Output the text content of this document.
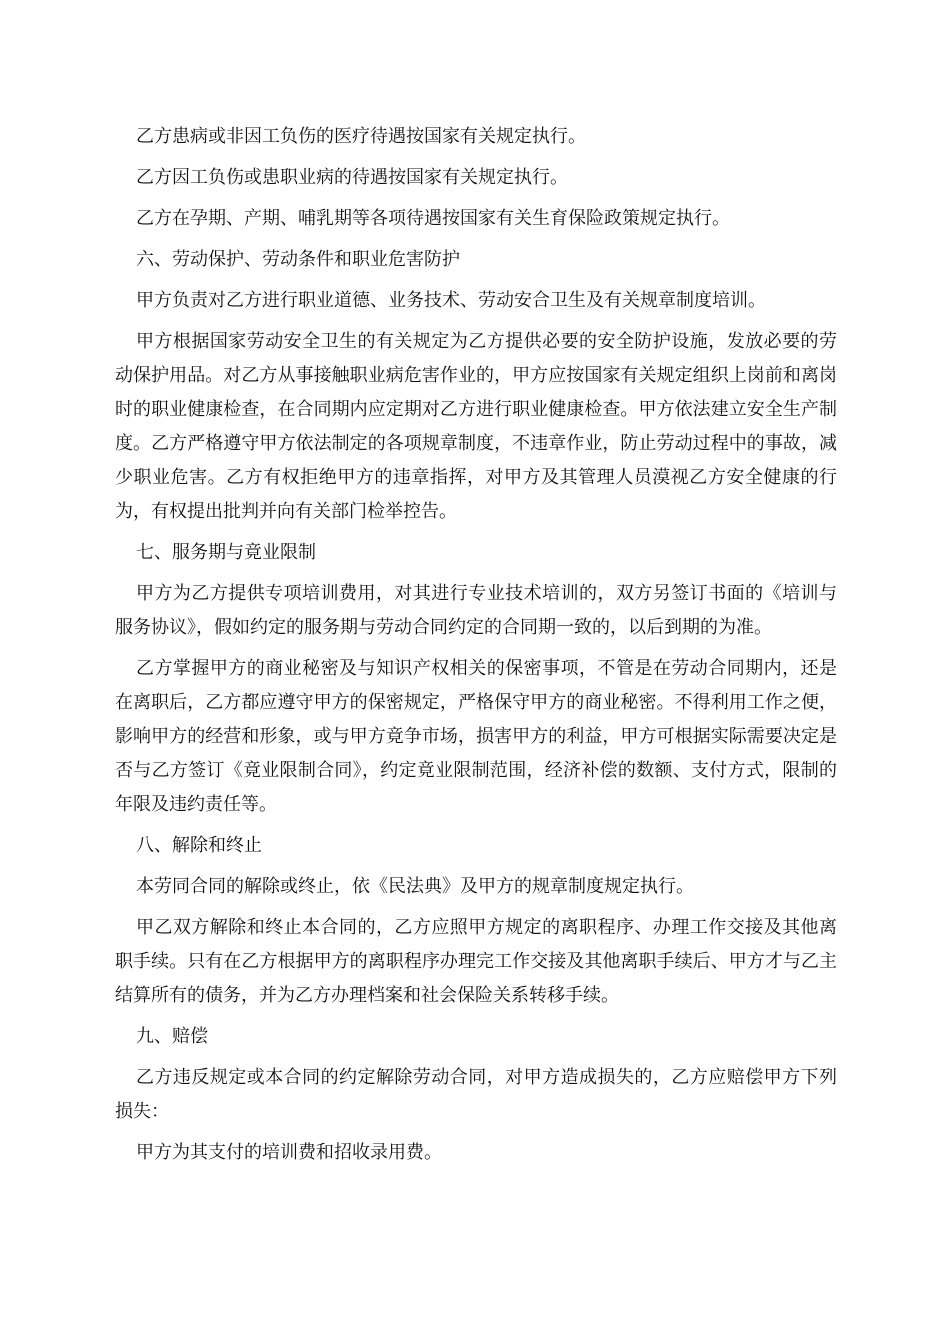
乙方患病或非因工负伤的医疗待遇按国家有关规定执行。

乙方因工负伤或患职业病的待遇按国家有关规定执行。

乙方在孕期、产期、哺乳期等各项待遇按国家有关生育保险政策规定执行。

六、劳动保护、劳动条件和职业危害防护

甲方负责对乙方进行职业道德、业务技术、劳动安合卫生及有关规章制度培训。

甲方根据国家劳动安全卫生的有关规定为乙方提供必要的安全防护设施，发放必要的劳动保护用品。对乙方从事接触职业病危害作业的，甲方应按国家有关规定组织上岗前和离岗时的职业健康检查，在合同期内应定期对乙方进行职业健康检查。甲方依法建立安全生产制度。乙方严格遵守甲方依法制定的各项规章制度，不违章作业，防止劳动过程中的事故，减少职业危害。乙方有权拒绝甲方的违章指挥，对甲方及其管理人员漠视乙方安全健康的行为，有权提出批判并向有关部门检举控告。

七、服务期与竟业限制

甲方为乙方提供专项培训费用，对其进行专业技术培训的，双方另签订书面的《培训与服务协议》，假如约定的服务期与劳动合同约定的合同期一致的，以后到期的为准。

乙方掌握甲方的商业秘密及与知识产权相关的保密事项，不管是在劳动合同期内，还是在离职后，乙方都应遵守甲方的保密规定，严格保守甲方的商业秘密。不得利用工作之便，影响甲方的经营和形象，或与甲方竟争市场，损害甲方的利益，甲方可根据实际需要决定是否与乙方签订《竟业限制合同》，约定竟业限制范围，经济补偿的数额、支付方式，限制的年限及违约责任等。

八、解除和终止

本劳同合同的解除或终止，依《民法典》及甲方的规章制度规定执行。

甲乙双方解除和终止本合同的，乙方应照甲方规定的离职程序、办理工作交接及其他离职手续。只有在乙方根据甲方的离职程序办理完工作交接及其他离职手续后、甲方才与乙主结算所有的债务，并为乙方办理档案和社会保险关系转移手续。

九、赔偿

乙方违反规定或本合同的约定解除劳动合同，对甲方造成损失的，乙方应赔偿甲方下列损失：

甲方为其支付的培训费和招收录用费。
